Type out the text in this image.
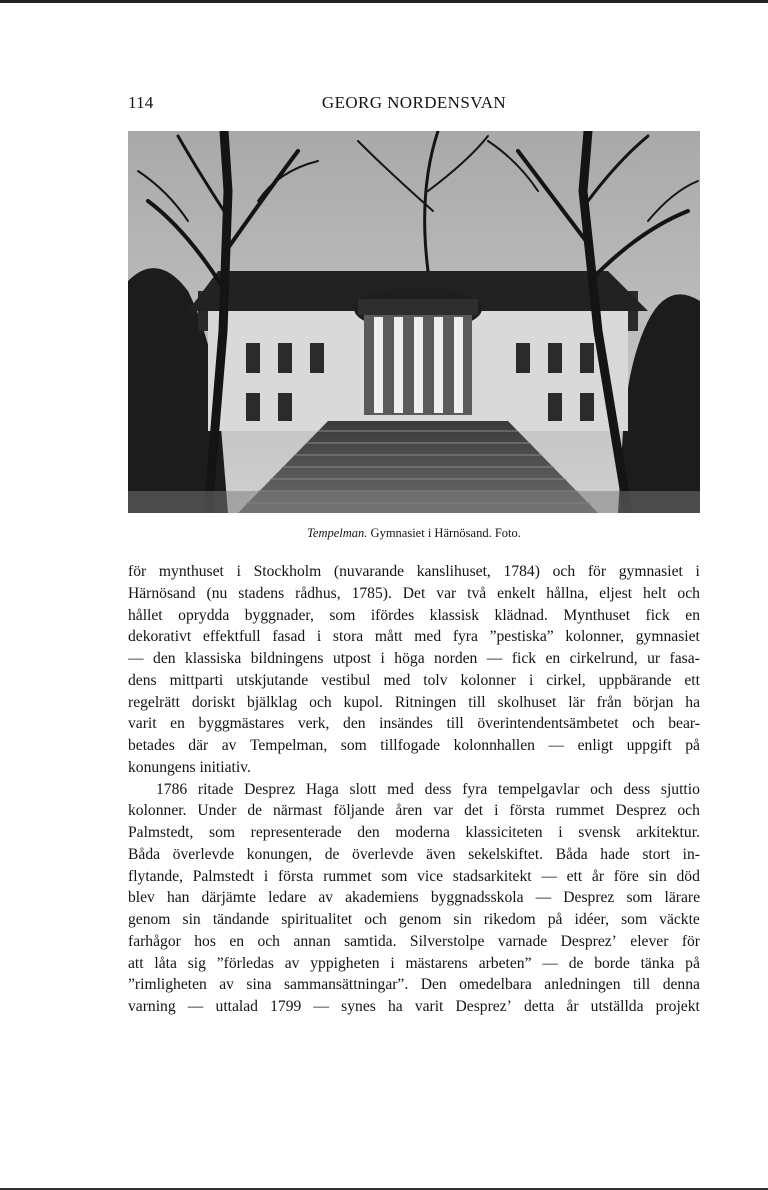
114	GEORG NORDENSVAN
Tempelman. Gymnasiet i Härnösand. Foto.
för mynthuset i Stockholm (nuvarande kanslihuset, 1784) och för gymnasiet i
Härnösand (nu stadens rådhus, 1785). Det var två enkelt hållna, eljest helt och
hållet oprydda byggnader, som ifördes klassisk klädnad. Mynthuset fick en
dekorativt effektfull fasad i stora mått med fyra ”pestiska” kolonner, gymnasiet
— den klassiska bildningens utpost i höga norden — fick en cirkelrund, ur fasa-
dens mittparti utskjutande vestibul med tolv kolonner i cirkel, uppbärande ett
regelrätt doriskt bjälklag och kupol. Ritningen till skolhuset lär från början ha
varit en byggmästares verk, den insändes till överintendentsämbetet och bear-
betades där av Tempelman, som tillfogade kolonnhallen — enligt uppgift på
konungens initiativ.
1786 ritade Desprez Haga slott med dess fyra tempelgavlar och dess sjuttio
kolonner. Under de närmast följande åren var det i första rummet Desprez och
Palmstedt, som representerade den moderna klassiciteten i svensk arkitektur.
Båda överlevde konungen, de överlevde även sekelskiftet. Båda hade stort in-
flytande, Palmstedt i första rummet som vice stadsarkitekt — ett år före sin död
blev han därjämte ledare av akademiens byggnadsskola — Desprez som lärare
genom sin tändande spiritualitet och genom sin rikedom på idéer, som väckte
farhågor hos en och annan samtida. Silverstolpe varnade Desprez’ elever för
att låta sig ”förledas av yppigheten i mästarens arbeten” — de borde tänka på
”rimligheten av sina sammansättningar”. Den omedelbara anledningen till denna
varning — uttalad 1799 — synes ha varit Desprez’ detta år utställda projekt
